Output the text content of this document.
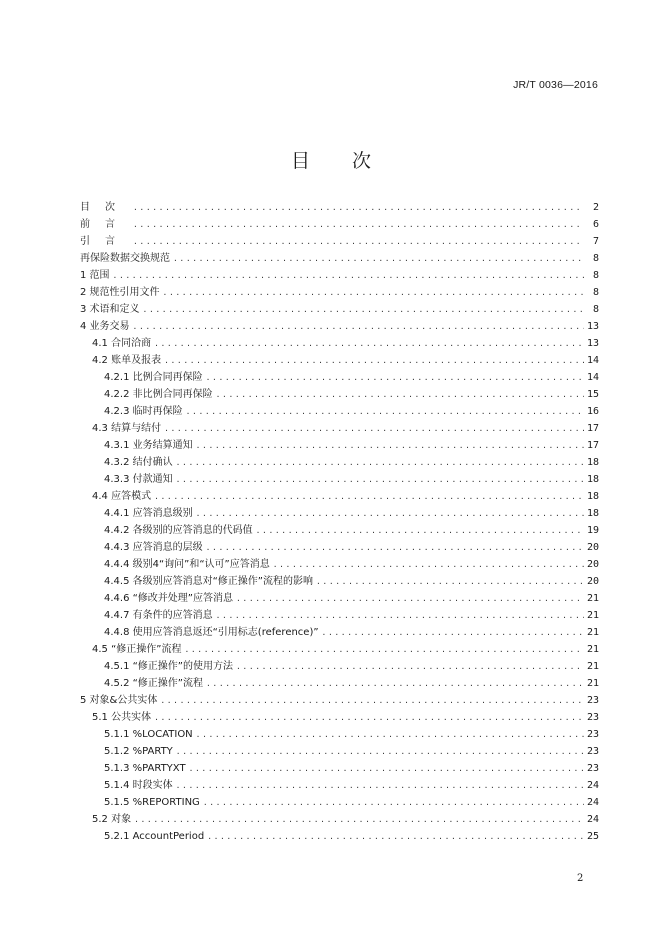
JR/T 0036—2016
目 次
目次 .....	2
前言 .....	6
引言 .....	7
再保险数据交换规范 .....	8
1 范围 .....	8
2 规范性引用文件 .....	8
3 术语和定义 .....	8
4 业务交易 .....	13
4.1 合同洽商 .....	13
4.2 账单及报表 .....	14
4.2.1 比例合同再保险 .....	14
4.2.2 非比例合同再保险 .....	15
4.2.3 临时再保险 .....	16
4.3 结算与结付 .....	17
4.3.1 业务结算通知 .....	17
4.3.2 结付确认 .....	18
4.3.3 付款通知 .....	18
4.4 应答模式 .....	18
4.4.1 应答消息级别 .....	18
4.4.2 各级别的应答消息的代码值 .....	19
4.4.3 应答消息的层级 .....	20
4.4.4 级别4“询问”和“认可”应答消息 .....	20
4.4.5 各级别应答消息对“修正操作”流程的影响 .....	20
4.4.6 “修改并处理”应答消息 .....	21
4.4.7 有条件的应答消息 .....	21
4.4.8 使用应答消息返还“引用标志(reference)” .....	21
4.5 “修正操作”流程 .....	21
4.5.1 “修正操作”的使用方法 .....	21
4.5.2 “修正操作”流程 .....	21
5 对象&公共实体 .....	23
5.1 公共实体 .....	23
5.1.1 %LOCATION .....	23
5.1.2 %PARTY .....	23
5.1.3 %PARTYXT .....	23
5.1.4 时段实体 .....	24
5.1.5 %REPORTING .....	24
5.2 对象 .....	24
5.2.1 AccountPeriod .....	25
2
